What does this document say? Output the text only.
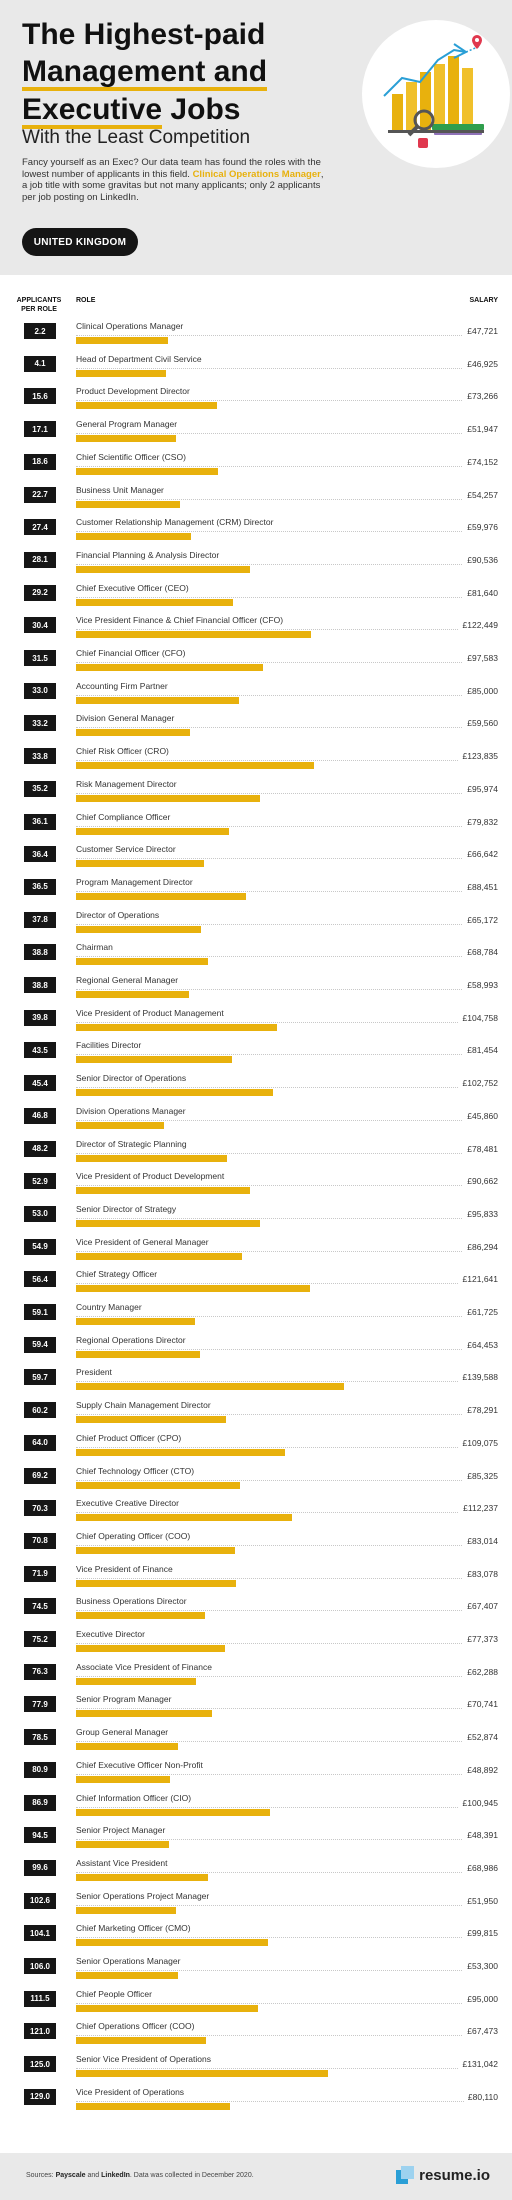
The Highest-paid
Management and
Executive Jobs
With the Least Competition
Fancy yourself as an Exec? Our data team has found the roles with the lowest number of applicants in this field. Clinical Operations Manager, a job title with some gravitas but not many applicants; only 2 applicants per job posting on LinkedIn.
UNITED KINGDOM
APPLICANTS
PER ROLE
ROLE	SALARY
2.2	Clinical Operations Manager	£47,721
4.1	Head of Department Civil Service	£46,925
15.6	Product Development Director	£73,266
17.1	General Program Manager	£51,947
18.6	Chief Scientific Officer (CSO)	£74,152
22.7	Business Unit Manager	£54,257
27.4	Customer Relationship Management (CRM) Director	£59,976
28.1	Financial Planning & Analysis Director	£90,536
29.2	Chief Executive Officer (CEO)	£81,640
30.4	Vice President Finance & Chief Financial Officer (CFO)	£122,449
31.5	Chief Financial Officer (CFO)	£97,583
33.0	Accounting Firm Partner	£85,000
33.2	Division General Manager	£59,560
33.8	Chief Risk Officer (CRO)	£123,835
35.2	Risk Management Director	£95,974
36.1	Chief Compliance Officer	£79,832
36.4	Customer Service Director	£66,642
36.5	Program Management Director	£88,451
37.8	Director of Operations	£65,172
38.8	Chairman	£68,784
38.8	Regional General Manager	£58,993
39.8	Vice President of Product Management	£104,758
43.5	Facilities Director	£81,454
45.4	Senior Director of Operations	£102,752
46.8	Division Operations Manager	£45,860
48.2	Director of Strategic Planning	£78,481
52.9	Vice President of Product Development	£90,662
53.0	Senior Director of Strategy	£95,833
54.9	Vice President of General Manager	£86,294
56.4	Chief Strategy Officer	£121,641
59.1	Country Manager	£61,725
59.4	Regional Operations Director	£64,453
59.7	President	£139,588
60.2	Supply Chain Management Director	£78,291
64.0	Chief Product Officer (CPO)	£109,075
69.2	Chief Technology Officer (CTO)	£85,325
70.3	Executive Creative Director	£112,237
70.8	Chief Operating Officer (COO)	£83,014
71.9	Vice President of Finance	£83,078
74.5	Business Operations Director	£67,407
75.2	Executive Director	£77,373
76.3	Associate Vice President of Finance	£62,288
77.9	Senior Program Manager	£70,741
78.5	Group General Manager	£52,874
80.9	Chief Executive Officer Non-Profit	£48,892
86.9	Chief Information Officer (CIO)	£100,945
94.5	Senior Project Manager	£48,391
99.6	Assistant Vice President	£68,986
102.6	Senior Operations Project Manager	£51,950
104.1	Chief Marketing Officer (CMO)	£99,815
106.0	Senior Operations Manager	£53,300
111.5	Chief People Officer	£95,000
121.0	Chief Operations Officer (COO)	£67,473
125.0	Senior Vice President of Operations	£131,042
129.0	Vice President of Operations	£80,110
Sources: Payscale and LinkedIn. Data was collected in December 2020.	resume.io
